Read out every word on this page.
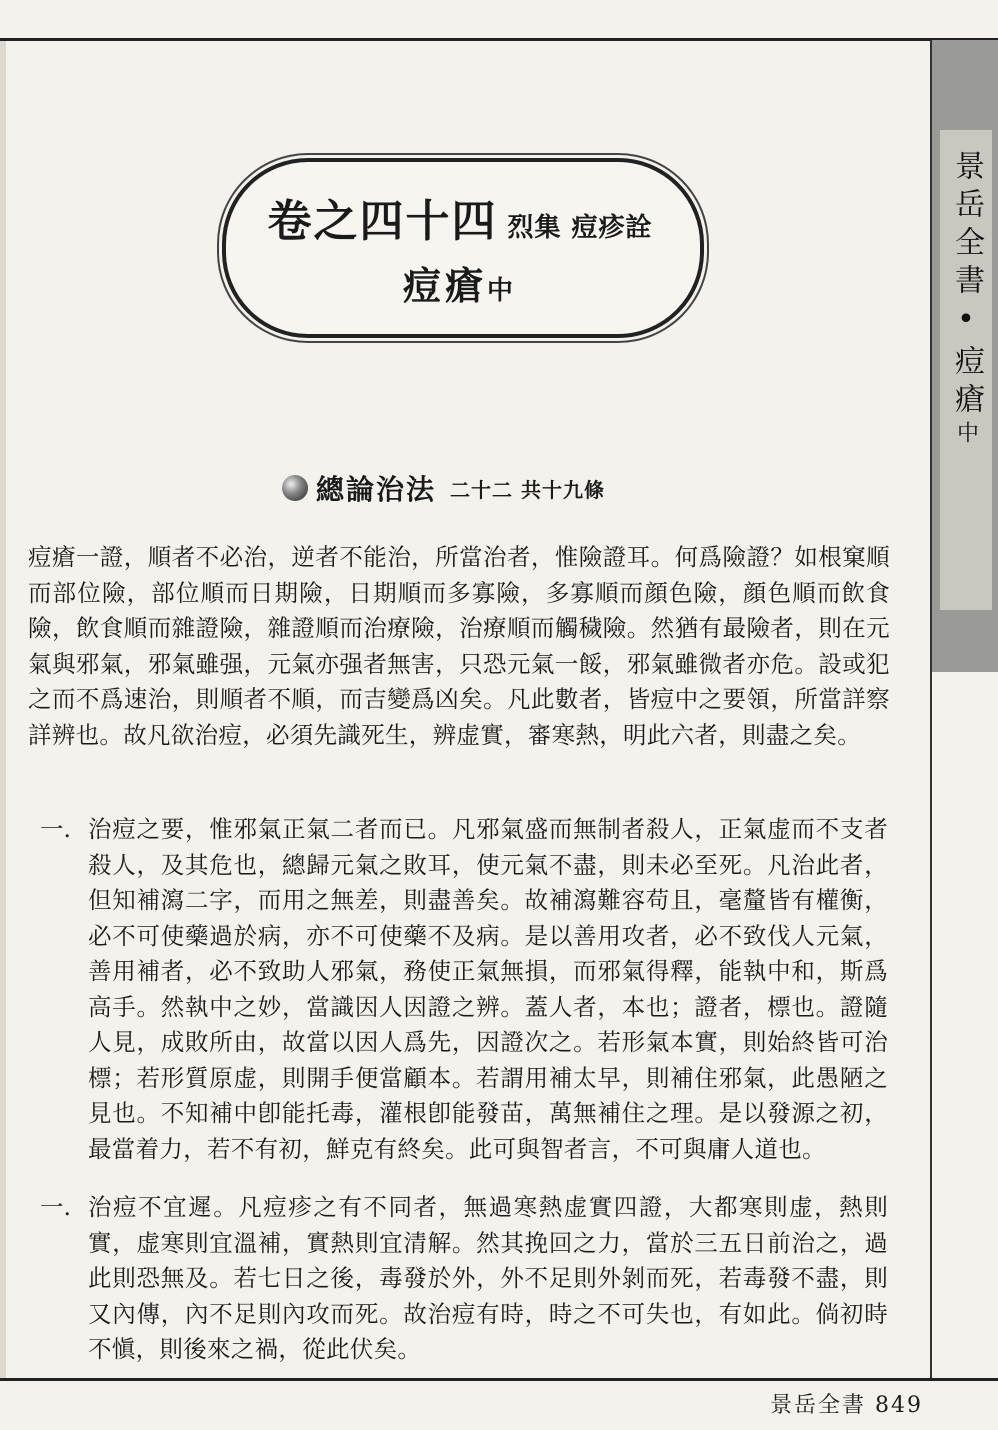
景岳全書
•
痘瘡
中
卷之四十四 烈集 痘疹詮
痘瘡中
總論治法 二十二 共十九條
痘瘡一證，順者不必治，逆者不能治，所當治者，惟險證耳。何爲險證？如根窠順而部位險，部位順而日期險，日期順而多寡險，多寡順而顔色險，顔色順而飲食險，飲食順而雜證險，雜證順而治療險，治療順而觸穢險。然猶有最險者，則在元氣與邪氣，邪氣雖强，元氣亦强者無害，只恐元氣一餒，邪氣雖微者亦危。設或犯之而不爲速治，則順者不順，而吉變爲凶矣。凡此數者，皆痘中之要領，所當詳察詳辨也。故凡欲治痘，必須先識死生，辨虚實，審寒熱，明此六者，則盡之矣。
一. 治痘之要，惟邪氣正氣二者而已。凡邪氣盛而無制者殺人，正氣虚而不支者殺人，及其危也，總歸元氣之敗耳，使元氣不盡，則未必至死。凡治此者，但知補瀉二字，而用之無差，則盡善矣。故補瀉難容苟且，毫釐皆有權衡，必不可使藥過於病，亦不可使藥不及病。是以善用攻者，必不致伐人元氣，善用補者，必不致助人邪氣，務使正氣無損，而邪氣得釋，能執中和，斯爲高手。然執中之妙，當識因人因證之辨。蓋人者，本也；證者，標也。證隨人見，成敗所由，故當以因人爲先，因證次之。若形氣本實，則始終皆可治標；若形質原虚，則開手便當顧本。若謂用補太早，則補住邪氣，此愚陋之見也。不知補中卽能托毒，灌根卽能發苗，萬無補住之理。是以發源之初，最當着力，若不有初，鮮克有終矣。此可與智者言，不可與庸人道也。
一. 治痘不宜遲。凡痘疹之有不同者，無過寒熱虚實四證，大都寒則虚，熱則實，虚寒則宜溫補，實熱則宜清解。然其挽回之力，當於三五日前治之，過此則恐無及。若七日之後，毒發於外，外不足則外剝而死，若毒發不盡，則又內傳，內不足則內攻而死。故治痘有時，時之不可失也，有如此。倘初時不愼，則後來之禍，從此伏矣。
景岳全書 849
